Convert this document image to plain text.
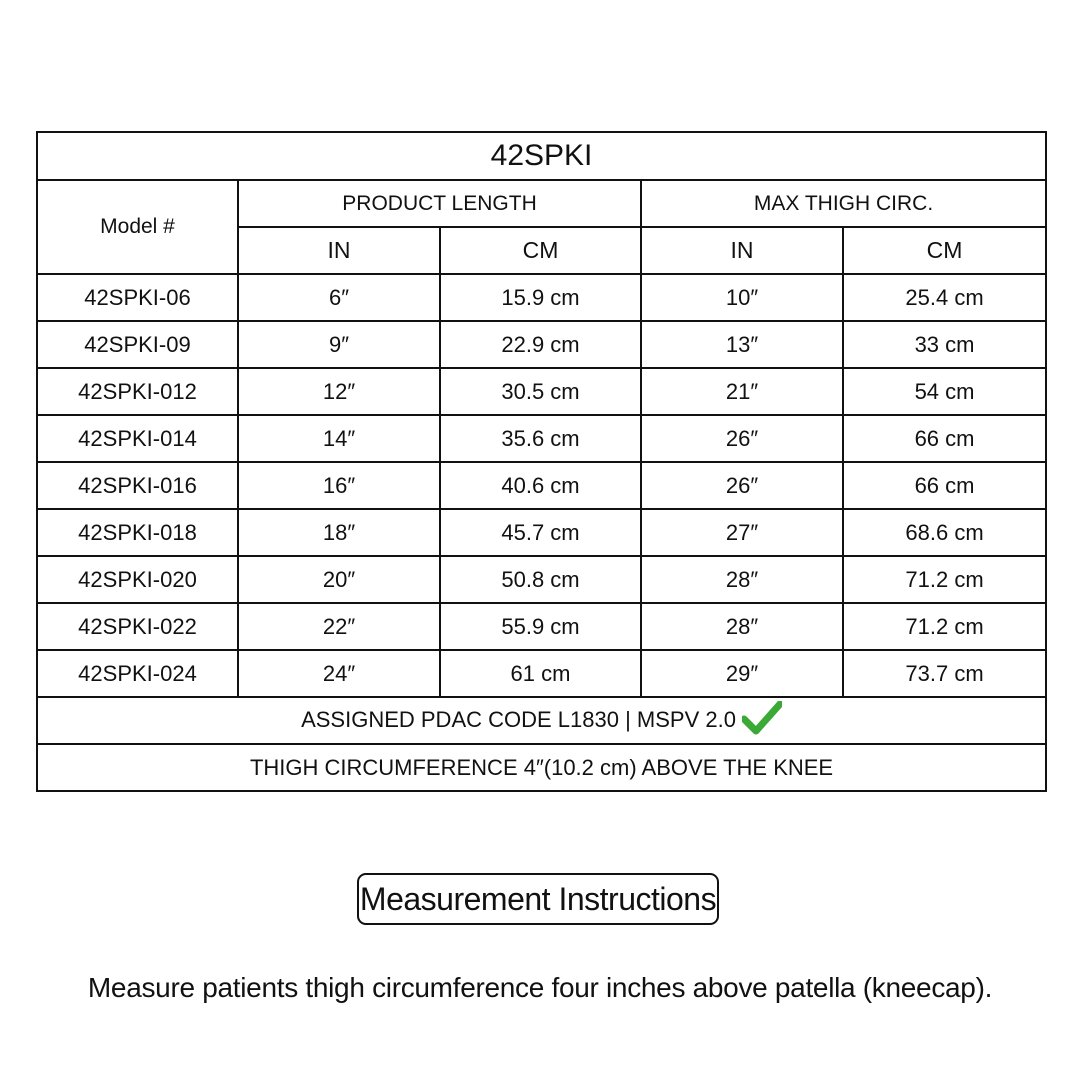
42SPKI				
Model #	PRODUCT LENGTH		MAX THIGH CIRC.	
	IN	CM	IN	CM
42SPKI-06	6″	15.9 cm	10″	25.4 cm
42SPKI-09	9″	22.9 cm	13″	33 cm
42SPKI-012	12″	30.5 cm	21″	54 cm
42SPKI-014	14″	35.6 cm	26″	66 cm
42SPKI-016	16″	40.6 cm	26″	66 cm
42SPKI-018	18″	45.7 cm	27″	68.6 cm
42SPKI-020	20″	50.8 cm	28″	71.2 cm
42SPKI-022	22″	55.9 cm	28″	71.2 cm
42SPKI-024	24″	61 cm	29″	73.7 cm
ASSIGNED PDAC CODE L1830 | MSPV 2.0				
THIGH CIRCUMFERENCE 4″(10.2 cm) ABOVE THE KNEE				
Measurement Instructions
Measure patients thigh circumference four inches above patella (kneecap).
